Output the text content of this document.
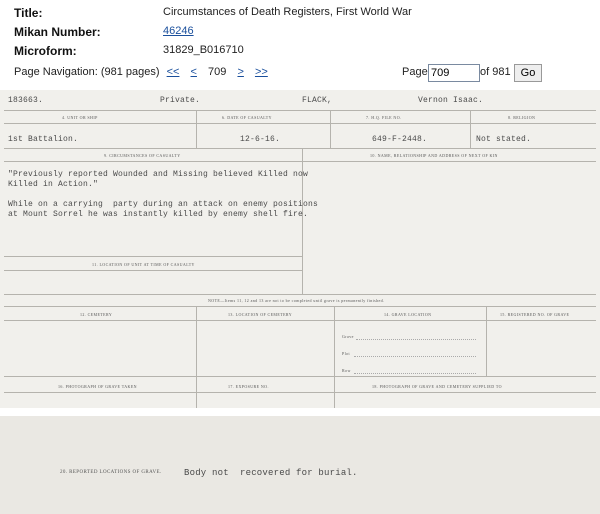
Title:	Circumstances of Death Registers, First World War
Mikan Number:	46246
Microform:	31829_B016710
Page Navigation: (981 pages) << < 709 > >>	Page
709	of 981 Go
183663.	Private.	FLACK,	Vernon Isaac.
4. UNIT OR SHIP	6. DATE OF CASUALTY	7. H.Q. FILE NO.	8. RELIGION
1st Battalion.	12-6-16.	649-F-2448.	Not stated.
9. CIRCUMSTANCES OF CASUALTY	10. NAME, RELATIONSHIP AND ADDRESS OF NEXT OF KIN
"Previously reported Wounded and Missing believed Killed now
Killed in Action."

While on a carrying  party during an attack on enemy positions
at Mount Sorrel he was instantly killed by enemy shell fire.
11. LOCATION OF UNIT AT TIME OF CASUALTY
NOTE—Items 11, 12 and 13 are not to be completed until grave is permanently finished.
12. CEMETERY	13. LOCATION OF CEMETERY	14. GRAVE LOCATION	15. REGISTERED NO. OF GRAVE
Grave
Plot
Row
16. PHOTOGRAPH OF GRAVE TAKEN	17. EXPOSURE NO.	18. PHOTOGRAPH OF GRAVE AND CEMETERY SUPPLIED TO
20. REPORTED LOCATIONS OF GRAVE. Body not  recovered for burial.
